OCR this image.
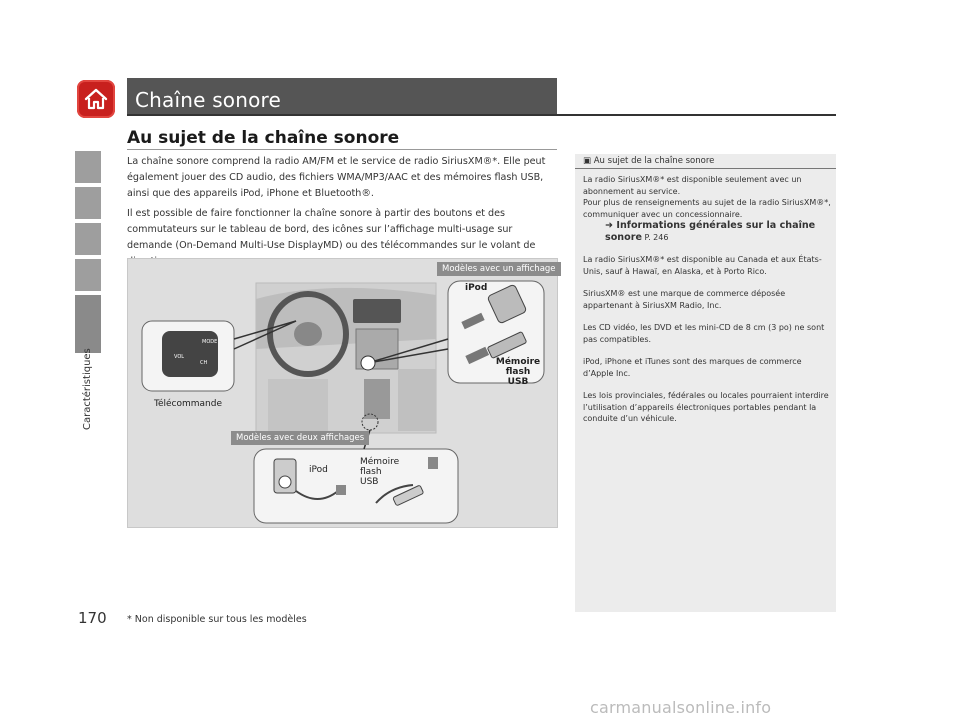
Caractéristiques
170
Chaîne sonore
Au sujet de la chaîne sonore
La chaîne sonore comprend la radio AM/FM et le service de radio SiriusXM®*. Elle peut également jouer des CD audio, des fichiers WMA/MP3/AAC et des mémoires flash USB, ainsi que des appareils iPod, iPhone et Bluetooth®.
Il est possible de faire fonctionner la chaîne sonore à partir des boutons et des commutateurs sur le tableau de bord, des icônes sur l’affichage multi-usage sur demande (On-Demand Multi-Use DisplayMD) ou des télécommandes sur le volant de
MODE
VOL
CH
Modèles avec un affichage
Modèles avec deux affichages
Télécommande
iPod
Mémoire flash USB
iPod
Mémoire flash USB
▣ Au sujet de la chaîne sonore

La radio SiriusXM®* est disponible seulement avec un abonnement au service.
Pour plus de renseignements au sujet de la radio SiriusXM®*, communiquer avec un concessionnaire.

➜ Informations générales sur la chaîne sonore P. 246

La radio SiriusXM®* est disponible au Canada et aux États-Unis, sauf à Hawaï, en Alaska, et à Porto Rico.

SiriusXM® est une marque de commerce déposée appartenant à SiriusXM Radio, Inc.

Les CD vidéo, les DVD et les mini-CD de 8 cm (3 po) ne sont pas compatibles.

iPod, iPhone et iTunes sont des marques de commerce d’Apple Inc.

Les lois provinciales, fédérales ou locales pourraient interdire l’utilisation d’appareils électroniques portables pendant la conduite d’un véhicule.

* Non disponible sur tous les modèles
carmanualsonline.info
